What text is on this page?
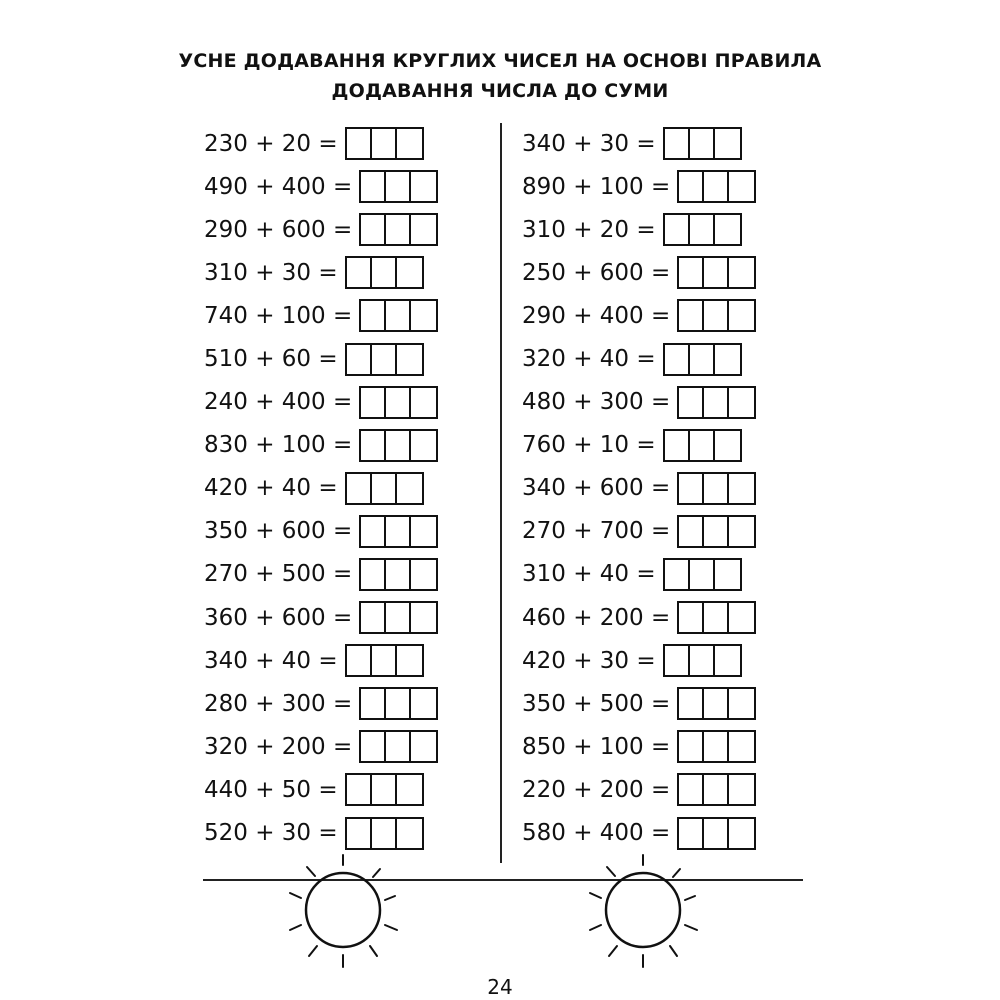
УСНЕ ДОДАВАННЯ КРУГЛИХ ЧИСЕЛ НА ОСНОВІ ПРАВИЛА
ДОДАВАННЯ ЧИСЛА ДО СУМИ
230 + 20 =
490 + 400 =
290 + 600 =
310 + 30 =
740 + 100 =
510 + 60 =
240 + 400 =
830 + 100 =
420 + 40 =
350 + 600 =
270 + 500 =
360 + 600 =
340 + 40 =
280 + 300 =
320 + 200 =
440 + 50 =
520 + 30 =
340 + 30 =
890 + 100 =
310 + 20 =
250 + 600 =
290 + 400 =
320 + 40 =
480 + 300 =
760 + 10 =
340 + 600 =
270 + 700 =
310 + 40 =
460 + 200 =
420 + 30 =
350 + 500 =
850 + 100 =
220 + 200 =
580 + 400 =
24
